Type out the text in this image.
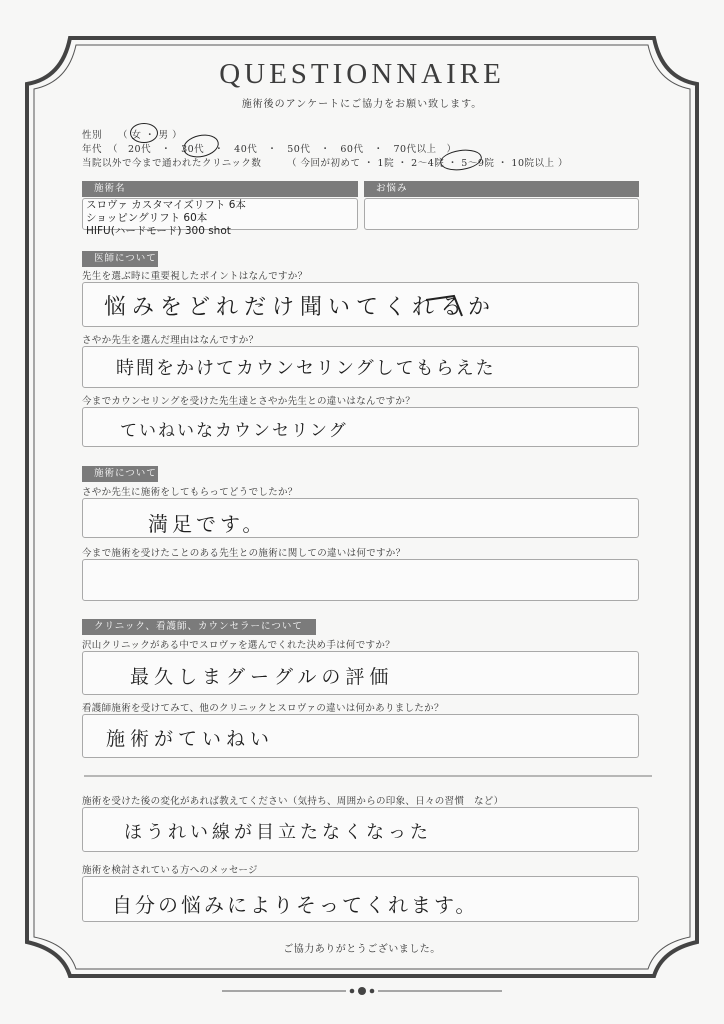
QUESTIONNAIRE
施術後のアンケートにご協力をお願い致します。
性別 （ 女 ・ 男 ）
年代 （　20代　・　30代　・　40代　・　50代　・　60代　・　70代以上　）
当院以外で今まで通われたクリニック数	（ 今回が初めて ・ 1院 ・ 2～4院 ・ 5～9院 ・ 10院以上 ）
施術名
スロヴァ カスタマイズリフト 6本
ショッピングリフト 60本
HIFU(ハードモード) 300 shot
お悩み
医師について
先生を選ぶ時に重要視したポイントはなんですか？
悩みをどれだけ聞いてくれるか
さやか先生を選んだ理由はなんですか？
時間をかけてカウンセリングしてもらえた
今までカウンセリングを受けた先生達とさやか先生との違いはなんですか？
ていねいなカウンセリング
施術について
さやか先生に施術をしてもらってどうでしたか？
満足です。
今まで施術を受けたことのある先生との施術に関しての違いは何ですか？
クリニック、看護師、カウンセラーについて
沢山クリニックがある中でスロヴァを選んでくれた決め手は何ですか？
最久しまグーグルの評価
看護師施術を受けてみて、他のクリニックとスロヴァの違いは何かありましたか？
施術がていねい
施術を受けた後の変化があれば教えてください（気持ち、周囲からの印象、日々の習慣　など）
ほうれい線が目立たなくなった
施術を検討されている方へのメッセージ
自分の悩みによりそってくれます。
ご協力ありがとうございました。
